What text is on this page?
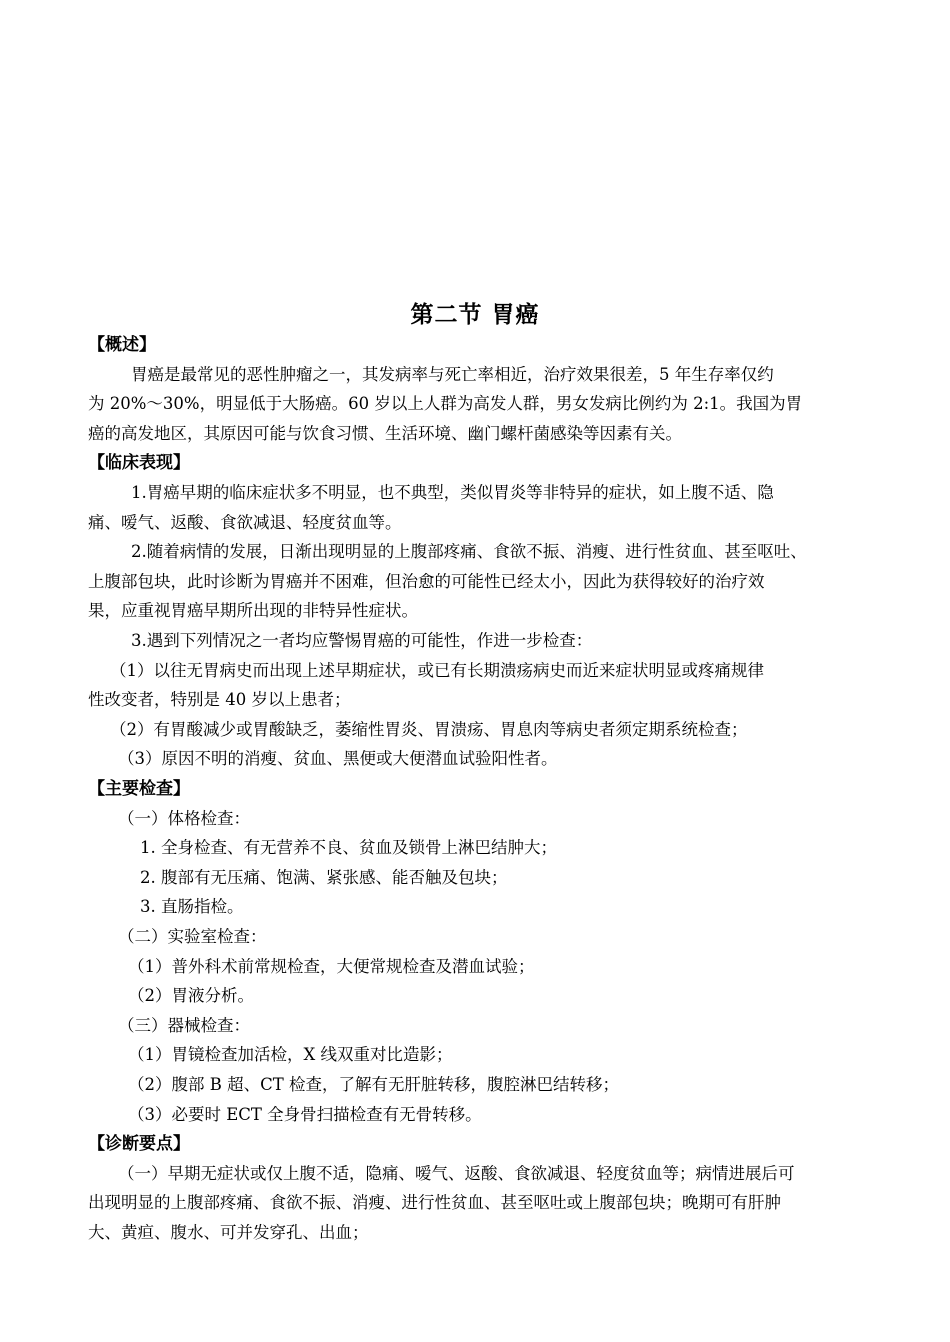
第二节 胃癌
【概述】
胃癌是最常见的恶性肿瘤之一，其发病率与死亡率相近，治疗效果很差，5 年生存率仅约
为 20%～30%，明显低于大肠癌。60 岁以上人群为高发人群，男女发病比例约为 2:1。我国为胃
癌的高发地区，其原因可能与饮食习惯、生活环境、幽门螺杆菌感染等因素有关。
【临床表现】
1.胃癌早期的临床症状多不明显，也不典型，类似胃炎等非特异的症状，如上腹不适、隐
痛、嗳气、返酸、食欲减退、轻度贫血等。
2.随着病情的发展，日渐出现明显的上腹部疼痛、食欲不振、消瘦、进行性贫血、甚至呕吐、
上腹部包块，此时诊断为胃癌并不困难，但治愈的可能性已经太小，因此为获得较好的治疗效
果，应重视胃癌早期所出现的非特异性症状。
3.遇到下列情况之一者均应警惕胃癌的可能性，作进一步检查：
（1）以往无胃病史而出现上述早期症状，或已有长期溃疡病史而近来症状明显或疼痛规律
性改变者，特别是 40 岁以上患者；
（2）有胃酸减少或胃酸缺乏，萎缩性胃炎、胃溃疡、胃息肉等病史者须定期系统检查；
（3）原因不明的消瘦、贫血、黑便或大便潜血试验阳性者。
【主要检查】
（一）体格检查：
1. 全身检查、有无营养不良、贫血及锁骨上淋巴结肿大；
2. 腹部有无压痛、饱满、紧张感、能否触及包块；
3. 直肠指检。
（二）实验室检查：
（1）普外科术前常规检查，大便常规检查及潜血试验；
（2）胃液分析。
（三）器械检查：
（1）胃镜检查加活检，X 线双重对比造影；
（2）腹部 B 超、CT 检查，了解有无肝脏转移，腹腔淋巴结转移；
（3）必要时 ECT 全身骨扫描检查有无骨转移。
【诊断要点】
（一）早期无症状或仅上腹不适，隐痛、嗳气、返酸、食欲减退、轻度贫血等；病情进展后可
出现明显的上腹部疼痛、食欲不振、消瘦、进行性贫血、甚至呕吐或上腹部包块；晚期可有肝肿
大、黄疸、腹水、可并发穿孔、出血；
